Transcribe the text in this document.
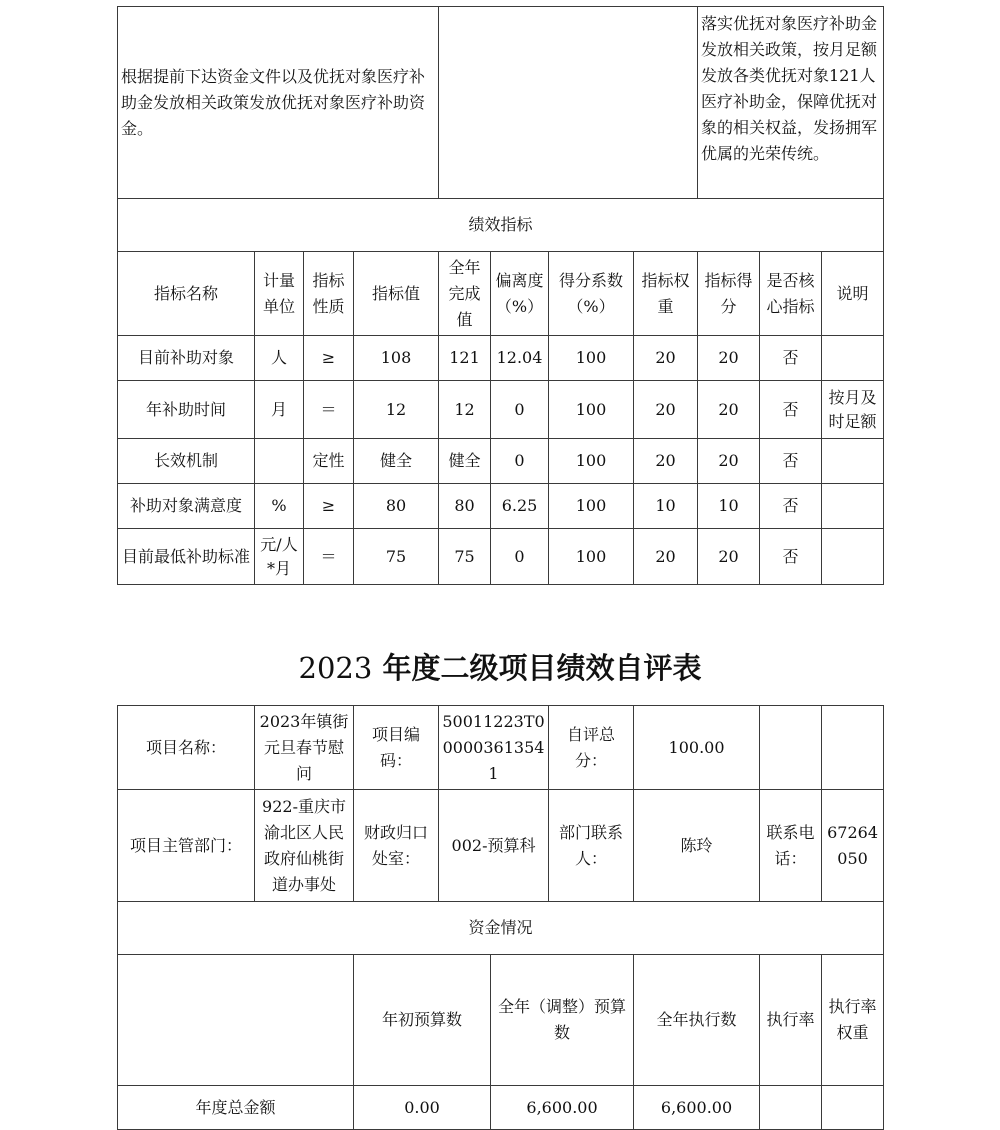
根据提前下达资金文件以及优抚对象医疗补助金发放相关政策发放优抚对象医疗补助资金。								落实优抚对象医疗补助金发放相关政策，按月足额发放各类优抚对象121人医疗补助金，保障优抚对象的相关权益，发扬拥军优属的光荣传统。		
绩效指标										
指标名称	计量单位	指标性质	指标值	全年完成值	偏离度（%）	得分系数（%）	指标权重	指标得分	是否核心指标	说明
目前补助对象	人	≥	108	121	12.04	100	20	20	否	
年补助时间	月	＝	12	12	0	100	20	20	否	按月及时足额
长效机制		定性	健全	健全	0	100	20	20	否	
补助对象满意度	%	≥	80	80	6.25	100	10	10	否	
目前最低补助标准	元/人*月	＝	75	75	0	100	20	20	否	
2023 年度二级项目绩效自评表
项目名称：	2023年镇街元旦春节慰问	项目编码：	50011223T000003613541		自评总分：	100.00			
项目主管部门：	922-重庆市渝北区人民政府仙桃街道办事处	财政归口处室：	002-预算科		部门联系人：	陈玲	联系电话：	67264050	
资金情况									
		年初预算数		全年（调整）预算数		全年执行数	执行率	执行率权重	
年度总金额		0.00		6,600.00		6,600.00			
